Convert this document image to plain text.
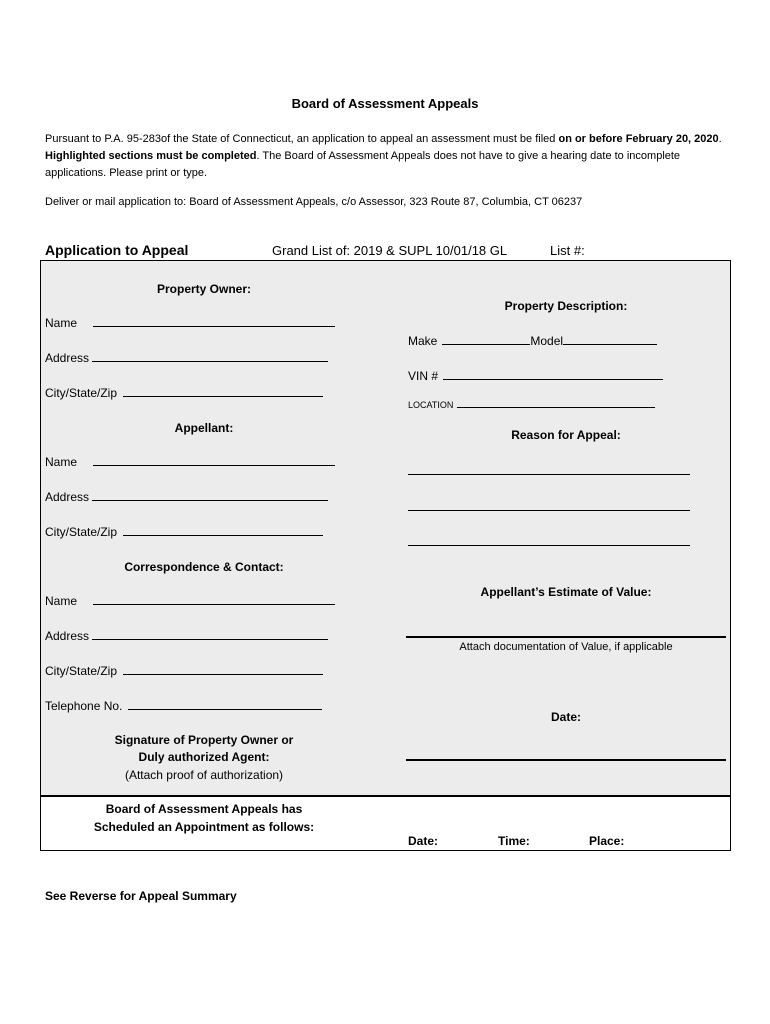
Board of Assessment Appeals
Pursuant to P.A. 95-283of the State of Connecticut, an application to appeal an assessment must be filed on or before February 20, 2020. Highlighted sections must be completed. The Board of Assessment Appeals does not have to give a hearing date to incomplete applications. Please print or type.
Deliver or mail application to: Board of Assessment Appeals, c/o Assessor, 323 Route 87, Columbia, CT 06237
Application to Appeal	Grand List of: 2019 & SUPL 10/01/18 GL	List #:
Property Owner:
Name
Address
City/State/Zip
Appellant:
Name
Address
City/State/Zip
Correspondence & Contact:
Name
Address
City/State/Zip
Telephone No.
Signature of Property Owner or
Duly authorized Agent:
(Attach proof of authorization)
Property Description:
Make	Model
VIN #
LOCATION
Reason for Appeal:
Appellant’s Estimate of Value:
Attach documentation of Value, if applicable
Date:
Board of Assessment Appeals has
Scheduled an Appointment as follows:
Date:	Time:	Place:
See Reverse for Appeal Summary
